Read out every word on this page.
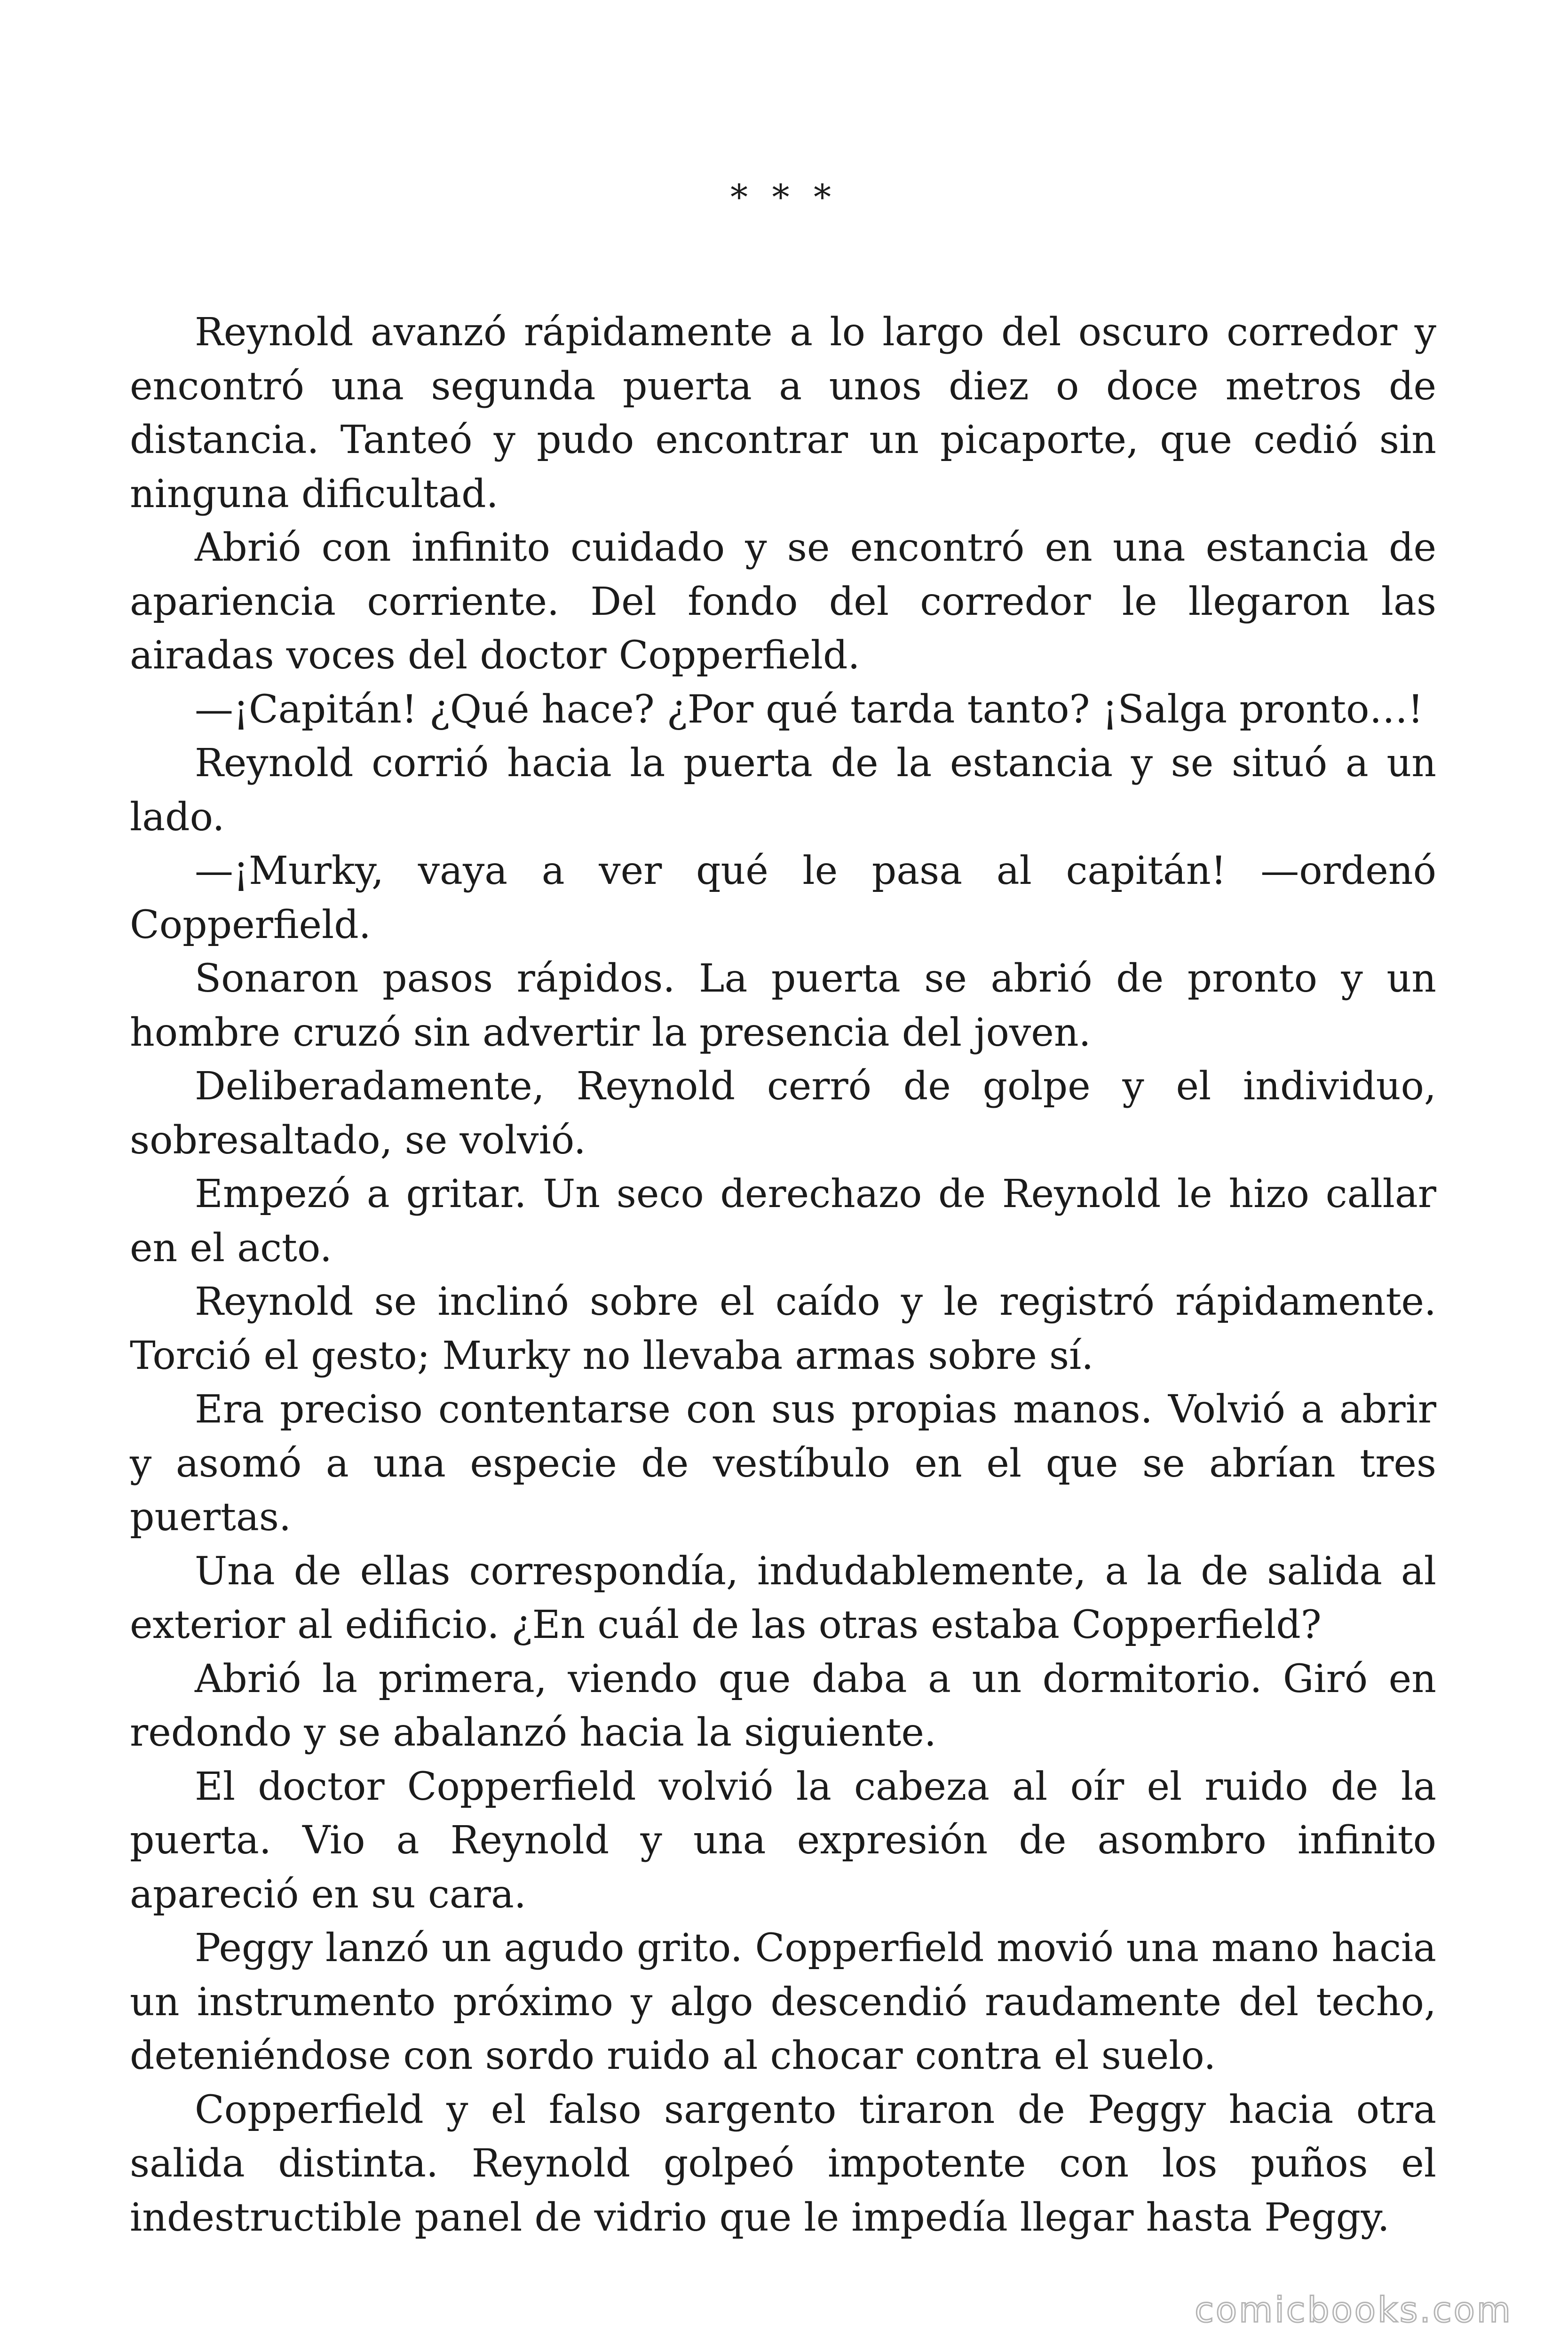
* * *

Reynold avanzó rápidamente a lo largo del oscuro corredor y encontró una segunda puerta a unos diez o doce metros de distancia. Tanteó y pudo encontrar un picaporte, que cedió sin ninguna dificultad.

Abrió con infinito cuidado y se encontró en una estancia de apariencia corriente. Del fondo del corredor le llegaron las airadas voces del doctor Copperfield.

—¡Capitán! ¿Qué hace? ¿Por qué tarda tanto? ¡Salga pronto…!

Reynold corrió hacia la puerta de la estancia y se situó a un lado.

—¡Murky, vaya a ver qué le pasa al capitán! —ordenó Copperfield.

Sonaron pasos rápidos. La puerta se abrió de pronto y un hombre cruzó sin advertir la presencia del joven.

Deliberadamente, Reynold cerró de golpe y el individuo, sobresaltado, se volvió.

Empezó a gritar. Un seco derechazo de Reynold le hizo callar en el acto.

Reynold se inclinó sobre el caído y le registró rápidamente. Torció el gesto; Murky no llevaba armas sobre sí.

Era preciso contentarse con sus propias manos. Volvió a abrir y asomó a una especie de vestíbulo en el que se abrían tres puertas.

Una de ellas correspondía, indudablemente, a la de salida al exterior al edificio. ¿En cuál de las otras estaba Copperfield?

Abrió la primera, viendo que daba a un dormitorio. Giró en redondo y se abalanzó hacia la siguiente.

El doctor Copperfield volvió la cabeza al oír el ruido de la puerta. Vio a Reynold y una expresión de asombro infinito apareció en su cara.

Peggy lanzó un agudo grito. Copperfield movió una mano hacia un instrumento próximo y algo descendió raudamente del techo, deteniéndose con sordo ruido al chocar contra el suelo.

Copperfield y el falso sargento tiraron de Peggy hacia otra salida distinta. Reynold golpeó impotente con los puños el indestructible panel de vidrio que le impedía llegar hasta Peggy.

comicbooks.com
